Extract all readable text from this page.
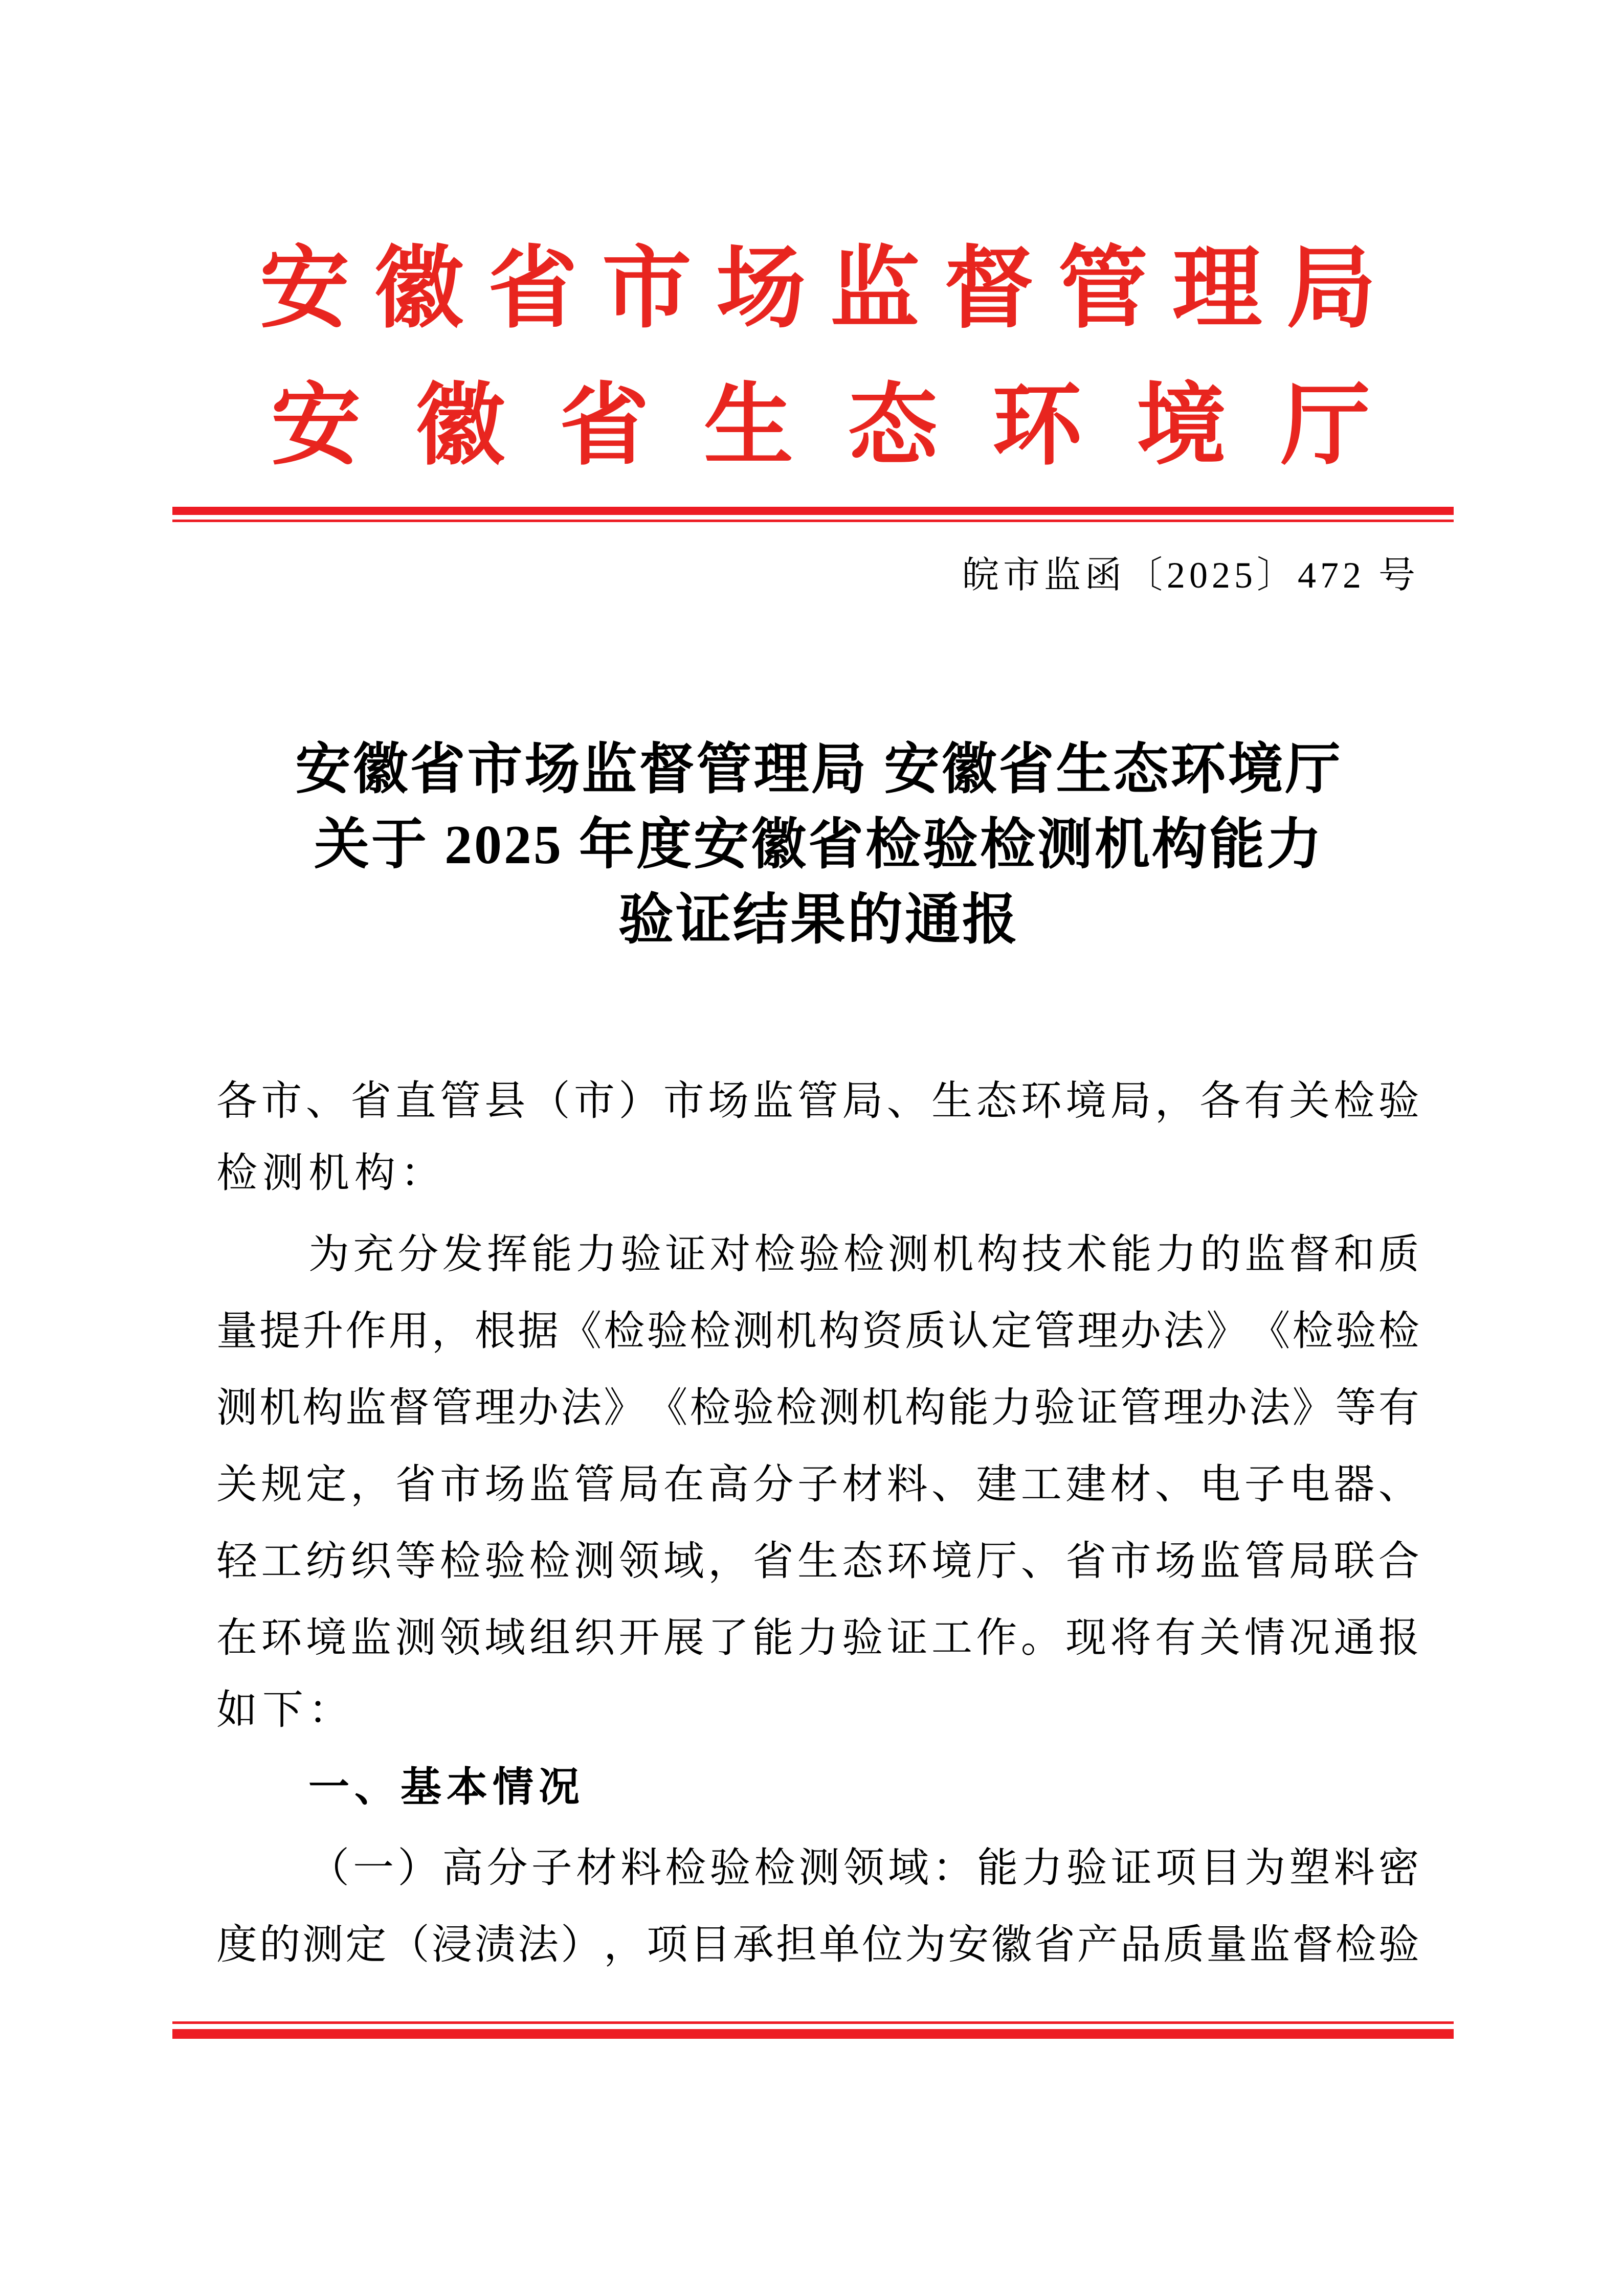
安徽省市场监督管理局
安徽省生态环境厅
皖市监函〔2025〕472 号
安徽省市场监督管理局 安徽省生态环境厅
关于 2025 年度安徽省检验检测机构能力
验证结果的通报
各 市 、 省 直 管 县 （ 市 ） 市 场 监 管 局 、 生 态 环 境 局 ， 各 有 关 检 验
检测机构：
为 充 分 发 挥 能 力 验 证 对 检 验 检 测 机 构 技 术 能 力 的 监 督 和 质
量 提 升 作 用 ， 根 据 《 检 验 检 测 机 构 资 质 认 定 管 理 办 法 》 《 检 验 检
测 机 构 监 督 管 理 办 法 》 《 检 验 检 测 机 构 能 力 验 证 管 理 办 法 》 等 有
关 规 定 ， 省 市 场 监 管 局 在 高 分 子 材 料 、 建 工 建 材 、 电 子 电 器 、
轻 工 纺 织 等 检 验 检 测 领 域 ， 省 生 态 环 境 厅 、 省 市 场 监 管 局 联 合
在 环 境 监 测 领 域 组 织 开 展 了 能 力 验 证 工 作 。 现 将 有 关 情 况 通 报
如下：
一、基本情况
（ 一 ） 高 分 子 材 料 检 验 检 测 领 域 ： 能 力 验 证 项 目 为 塑 料 密
度 的 测 定 （ 浸 渍 法 ） ， 项 目 承 担 单 位 为 安 徽 省 产 品 质 量 监 督 检 验
